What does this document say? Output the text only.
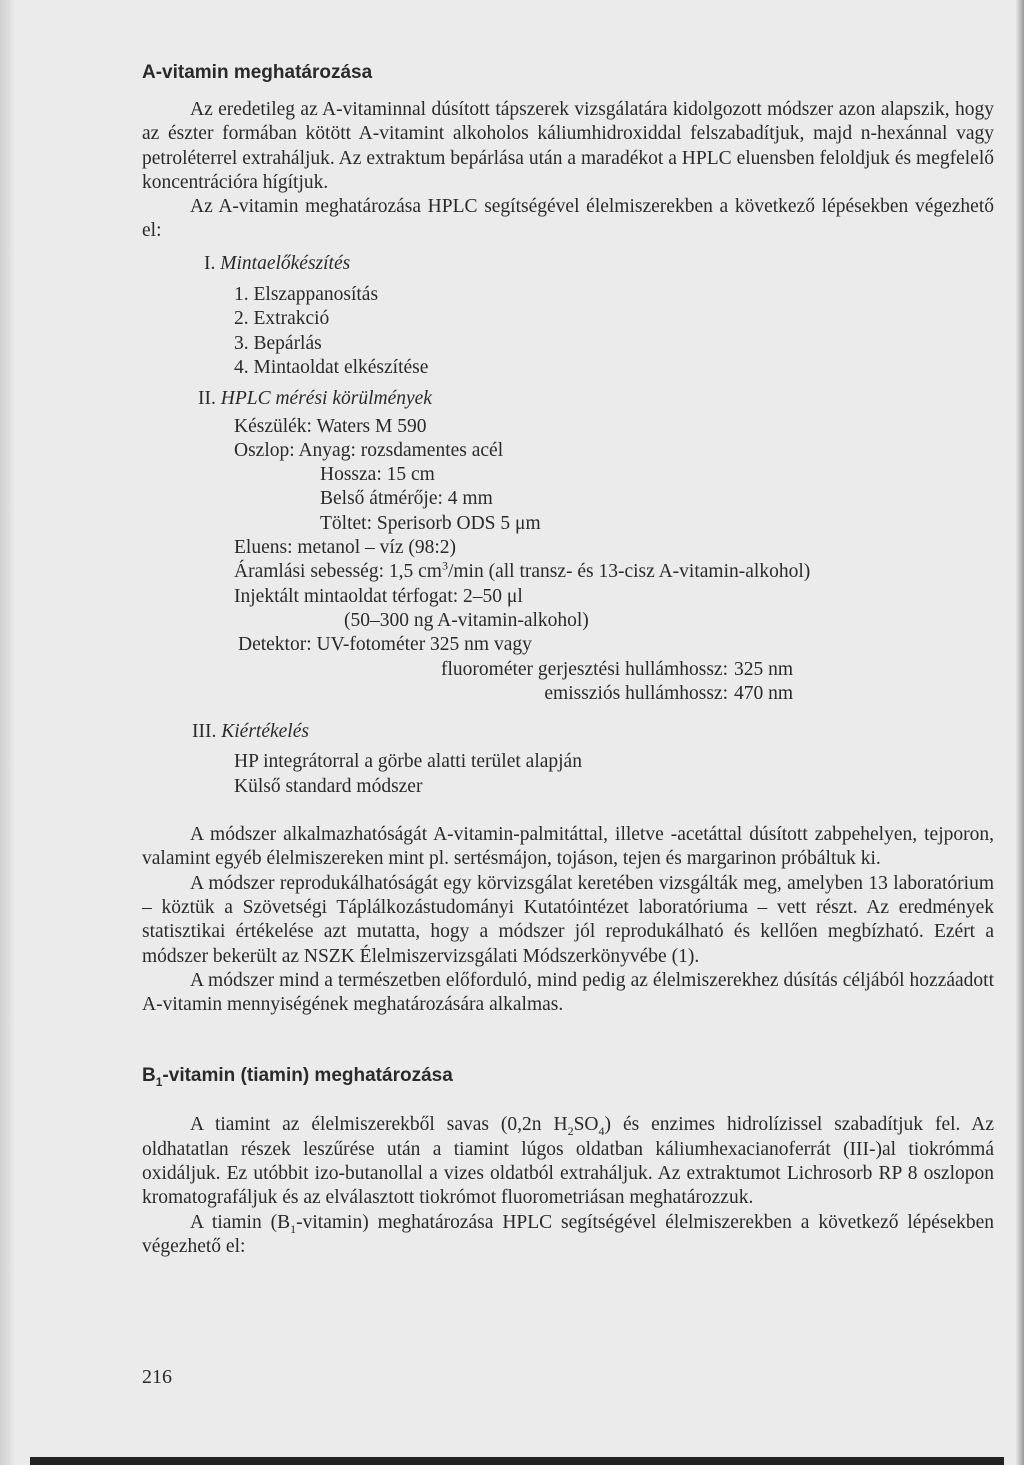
A-vitamin meghatározása

Az eredetileg az A-vitaminnal dúsított tápszerek vizsgálatára kidolgozott módszer azon alapszik, hogy az észter formában kötött A-vitamint alkoholos káliumhidroxiddal felszabadítjuk, majd n-hexánnal vagy petroléterrel extraháljuk. Az extraktum bepárlása után a maradékot a HPLC eluensben feloldjuk és megfelelő koncentrációra hígítjuk.

Az A-vitamin meghatározása HPLC segítségével élelmiszerekben a következő lépésekben végezhető el:

I. Mintaelőkészítés
1. Elszappanosítás
2. Extrakció
3. Bepárlás
4. Mintaoldat elkészítése
II. HPLC mérési körülmények
Készülék: Waters M 590
Oszlop: Anyag: rozsdamentes acél
Hossza: 15 cm
Belső átmérője: 4 mm
Töltet: Sperisorb ODS 5 μm
Eluens: metanol – víz (98:2)
Áramlási sebesség: 1,5 $cm^3/\min$ (all transz- és 13-cisz A-vitamin-alkohol)
Injektált mintaoldat térfogat: 2–50 μl
(50–300 ng A-vitamin-alkohol)
Detektor: UV-fotométer 325 nm vagy
fluorométer gerjesztési hullámhossz: 325 nm
emissziós hullámhossz: 470 nm
III. Kiértékelés
HP integrátorral a görbe alatti terület alapján
Külső standard módszer

A módszer alkalmazhatóságát A-vitamin-palmitáttal, illetve -acetáttal dúsított zabpehelyen, tejporon, valamint egyéb élelmiszereken mint pl. sertésmájon, tojáson, tejen és margarinon próbáltuk ki.

A módszer reprodukálhatóságát egy körvizsgálat keretében vizsgálták meg, amelyben 13 laboratórium – köztük a Szövetségi Táplálkozástudományi Kutatóintézet laboratóriuma – vett részt. Az eredmények statisztikai értékelése azt mutatta, hogy a módszer jól reprodukálható és kellően megbízható. Ezért a módszer bekerült az NSZK Élelmiszervizsgálati Módszerkönyvébe (1).

A módszer mind a természetben előforduló, mind pedig az élelmiszerekhez dúsítás céljából hozzáadott A-vitamin mennyiségének meghatározására alkalmas.

$B_1$-vitamin (tiamin) meghatározása

A tiamint az élelmiszerekből savas (0,2n $H_2SO_4$) és enzimes hidrolízissel szabadítjuk fel. Az oldhatatlan részek leszűrése után a tiamint lúgos oldatban káliumhexacianoferrát (III-)al tiokrómmá oxidáljuk. Ez utóbbit izo-butanollal a vizes oldatból extraháljuk. Az extraktumot Lichrosorb RP 8 oszlopon kromatografáljuk és az elválasztott tiokrómot fluorometriásan meghatározzuk.

A tiamin $(B_1-vitamin)$ meghatározása HPLC segítségével élelmiszerekben a következő lépésekben végezhető el:

216
